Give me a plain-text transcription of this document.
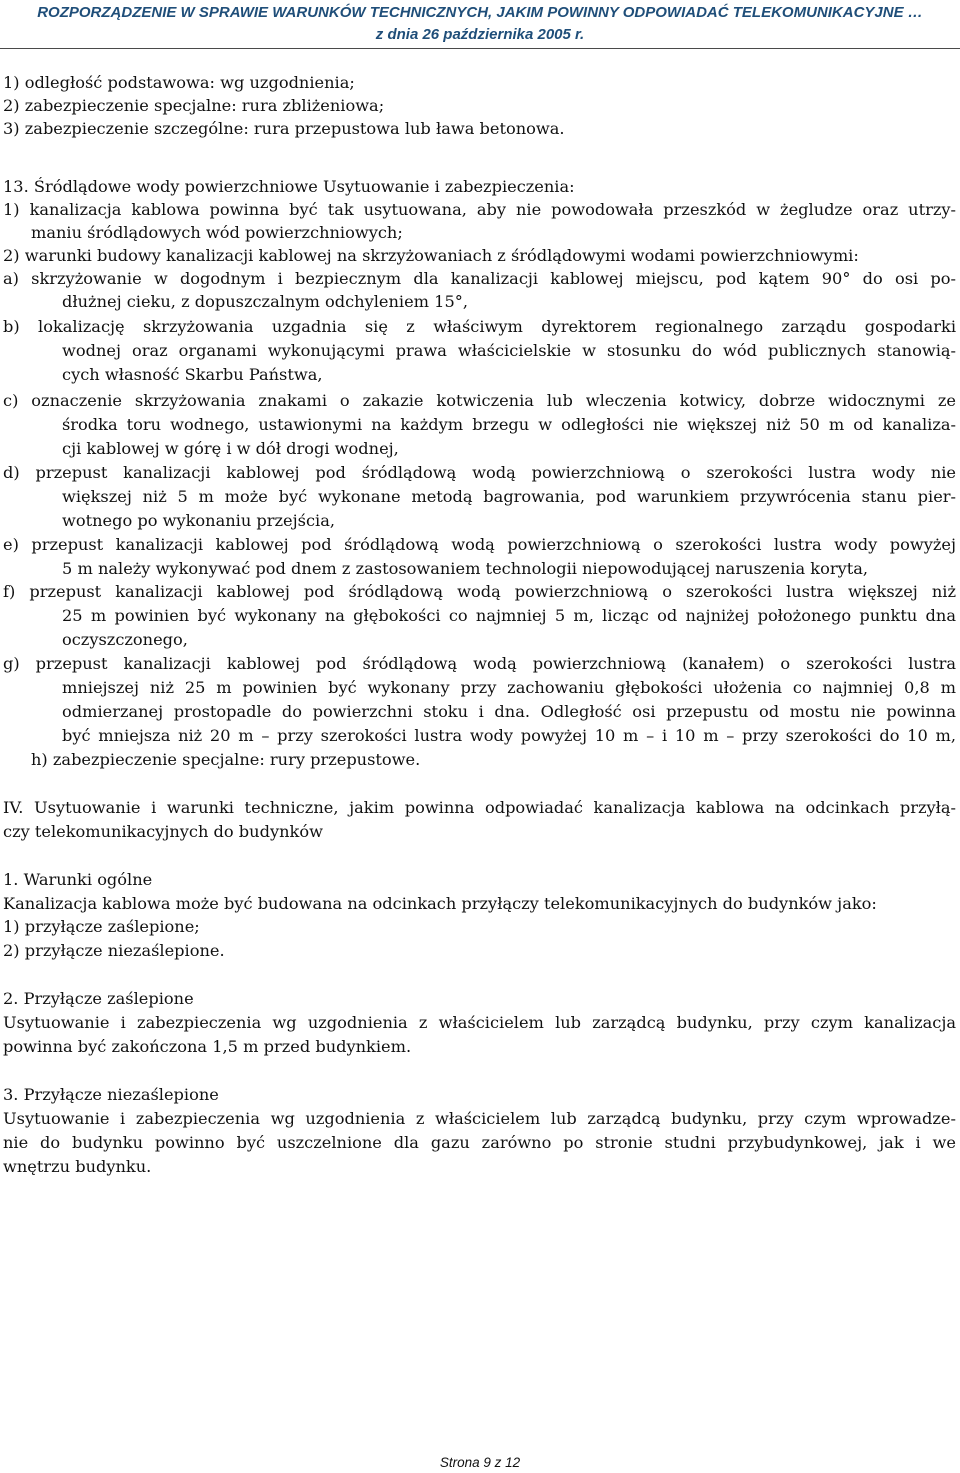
ROZPORZĄDZENIE W SPRAWIE WARUNKÓW TECHNICZNYCH, JAKIM POWINNY ODPOWIADAĆ TELEKOMUNIKACYJNE …
z dnia 26 października 2005 r.
1) odległość podstawowa: wg uzgodnienia;
2) zabezpieczenie specjalne: rura zbliżeniowa;
3) zabezpieczenie szczególne: rura przepustowa lub ława betonowa.
13. Śródlądowe wody powierzchniowe Usytuowanie i zabezpieczenia:
1) kanalizacja kablowa powinna być tak usytuowana, aby nie powodowała przeszkód w żegludze oraz utrzy-
maniu śródlądowych wód powierzchniowych;
2) warunki budowy kanalizacji kablowej na skrzyżowaniach z śródlądowymi wodami powierzchniowymi:
a) skrzyżowanie w dogodnym i bezpiecznym dla kanalizacji kablowej miejscu, pod kątem 90° do osi po-
dłużnej cieku, z dopuszczalnym odchyleniem 15°,
b) lokalizację skrzyżowania uzgadnia się z właściwym dyrektorem regionalnego zarządu gospodarki
wodnej oraz organami wykonującymi prawa właścicielskie w stosunku do wód publicznych stanowią-
cych własność Skarbu Państwa,
c) oznaczenie skrzyżowania znakami o zakazie kotwiczenia lub wleczenia kotwicy, dobrze widocznymi ze
środka toru wodnego, ustawionymi na każdym brzegu w odległości nie większej niż 50 m od kanaliza-
cji kablowej w górę i w dół drogi wodnej,
d) przepust kanalizacji kablowej pod śródlądową wodą powierzchniową o szerokości lustra wody nie
większej niż 5 m może być wykonane metodą bagrowania, pod warunkiem przywrócenia stanu pier-
wotnego po wykonaniu przejścia,
e) przepust kanalizacji kablowej pod śródlądową wodą powierzchniową o szerokości lustra wody powyżej
5 m należy wykonywać pod dnem z zastosowaniem technologii niepowodującej naruszenia koryta,
f) przepust kanalizacji kablowej pod śródlądową wodą powierzchniową o szerokości lustra większej niż
25 m powinien być wykonany na głębokości co najmniej 5 m, licząc od najniżej położonego punktu dna
oczyszczonego,
g) przepust kanalizacji kablowej pod śródlądową wodą powierzchniową (kanałem) o szerokości lustra
mniejszej niż 25 m powinien być wykonany przy zachowaniu głębokości ułożenia co najmniej 0,8 m
odmierzanej prostopadle do powierzchni stoku i dna. Odległość osi przepustu od mostu nie powinna
być mniejsza niż 20 m – przy szerokości lustra wody powyżej 10 m – i 10 m – przy szerokości do 10 m,
h) zabezpieczenie specjalne: rury przepustowe.
IV. Usytuowanie i warunki techniczne, jakim powinna odpowiadać kanalizacja kablowa na odcinkach przyłą-
czy telekomunikacyjnych do budynków
1. Warunki ogólne
Kanalizacja kablowa może być budowana na odcinkach przyłączy telekomunikacyjnych do budynków jako:
1) przyłącze zaślepione;
2) przyłącze niezaślepione.
2. Przyłącze zaślepione
Usytuowanie i zabezpieczenia wg uzgodnienia z właścicielem lub zarządcą budynku, przy czym kanalizacja
powinna być zakończona 1,5 m przed budynkiem.
3. Przyłącze niezaślepione
Usytuowanie i zabezpieczenia wg uzgodnienia z właścicielem lub zarządcą budynku, przy czym wprowadze-
nie do budynku powinno być uszczelnione dla gazu zarówno po stronie studni przybudynkowej, jak i we
wnętrzu budynku.
Strona 9 z 12
